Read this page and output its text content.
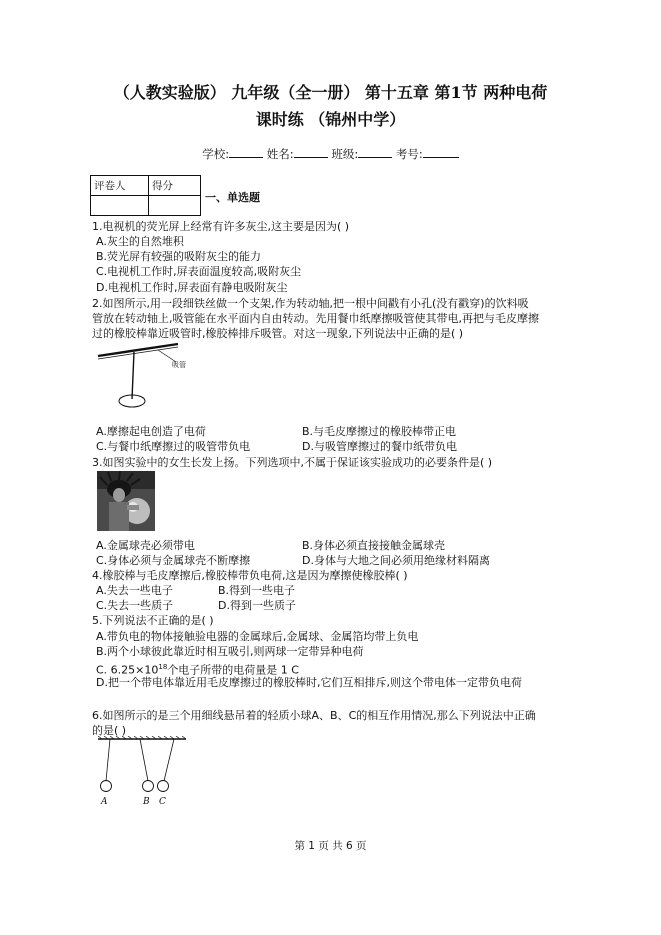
（人教实验版） 九年级（全一册） 第十五章 第1节 两种电荷
课时练 （锦州中学）
学校:	姓名:	班级:	考号:
评卷人	得分

一、单选题
1.电视机的荧光屏上经常有许多灰尘,这主要是因为( )
A.灰尘的自然堆积
B.荧光屏有较强的吸附灰尘的能力
C.电视机工作时,屏表面温度较高,吸附灰尘
D.电视机工作时,屏表面有静电吸附灰尘
2.如图所示,用一段细铁丝做一个支架,作为转动轴,把一根中间戳有小孔(没有戳穿)的饮料吸
管放在转动轴上,吸管能在水平面内自由转动。先用餐巾纸摩擦吸管使其带电,再把与毛皮摩擦
过的橡胶棒靠近吸管时,橡胶棒排斥吸管。对这一现象,下列说法中正确的是( )
吸管
A.摩擦起电创造了电荷	B.与毛皮摩擦过的橡胶棒带正电
C.与餐巾纸摩擦过的吸管带负电	D.与吸管摩擦过的餐巾纸带负电
3.如图实验中的女生长发上扬。下列选项中,不属于保证该实验成功的必要条件是( )
A.金属球壳必须带电	B.身体必须直接接触金属球壳
C.身体必须与金属球壳不断摩擦	D.身体与大地之间必须用绝缘材料隔离
4.橡胶棒与毛皮摩擦后,橡胶棒带负电荷,这是因为摩擦使橡胶棒( )
A.失去一些电子	B.得到一些电子
C.失去一些质子	D.得到一些质子
5.下列说法不正确的是( )
A.带负电的物体接触验电器的金属球后,金属球、金属箔均带上负电
B.两个小球彼此靠近时相互吸引,则两球一定带异种电荷
C. $6.25\times 10^{18}$个电子所带的电荷量是 1 C
D.把一个带电体靠近用毛皮摩擦过的橡胶棒时,它们互相排斥,则这个带电体一定带负电荷
6.如图所示的是三个用细线悬吊着的轻质小球A、B、C的相互作用情况,那么下列说法中正确
的是( )
A	B C
第 1 页 共 6 页
